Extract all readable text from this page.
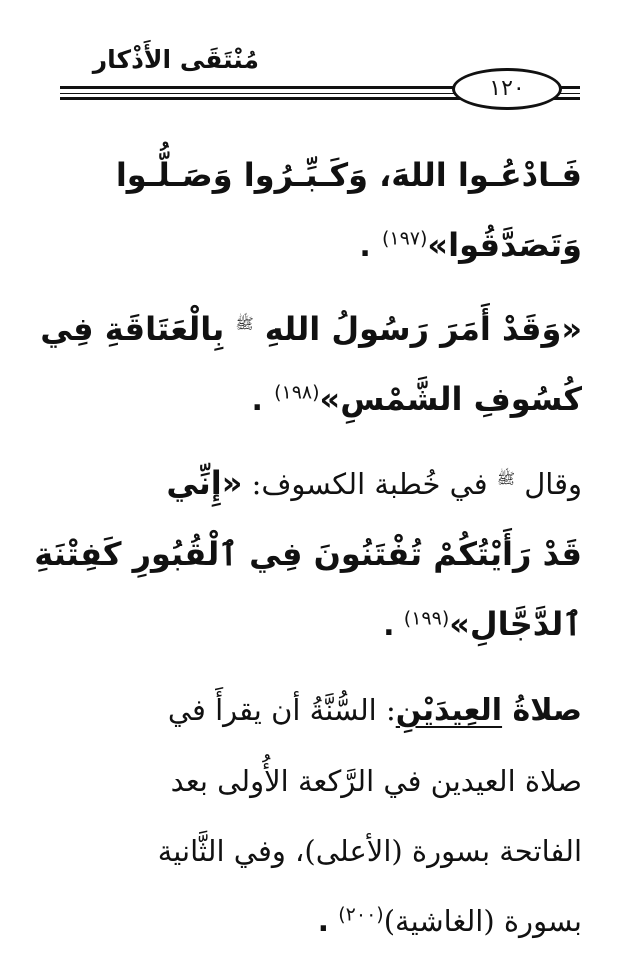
مُنْتَقَى الأَذْكار
١٢٠
فَـادْعُـوا اللهَ، وَكَـبِّـرُوا وَصَـلُّـوا
وَتَصَدَّقُوا»$^{(١٩٧)}$ .
«وَقَدْ أَمَرَ رَسُولُ اللهِ $^ﷺ$ بِالْعَتَاقَةِ فِي
كُسُوفِ الشَّمْسِ»$^{(١٩٨)}$ .
وقال $^ﷺ$ في خُطبة الكسوف: «إِنِّي
قَدْ رَأَيْتُكُمْ تُفْتَنُونَ فِي ٱلْقُبُورِ كَفِتْنَةِ
ٱلدَّجَّالِ»$^{(١٩٩)}$ .
صلاةُ العِيدَيْنِ: السُّنَّةُ أن يقرأَ في
صلاة العيدين في الرَّكعة الأُولى بعد
الفاتحة بسورة (الأعلى)، وفي الثَّانية
بسورة (الغاشية)$^{(٢٠٠)}$ .
